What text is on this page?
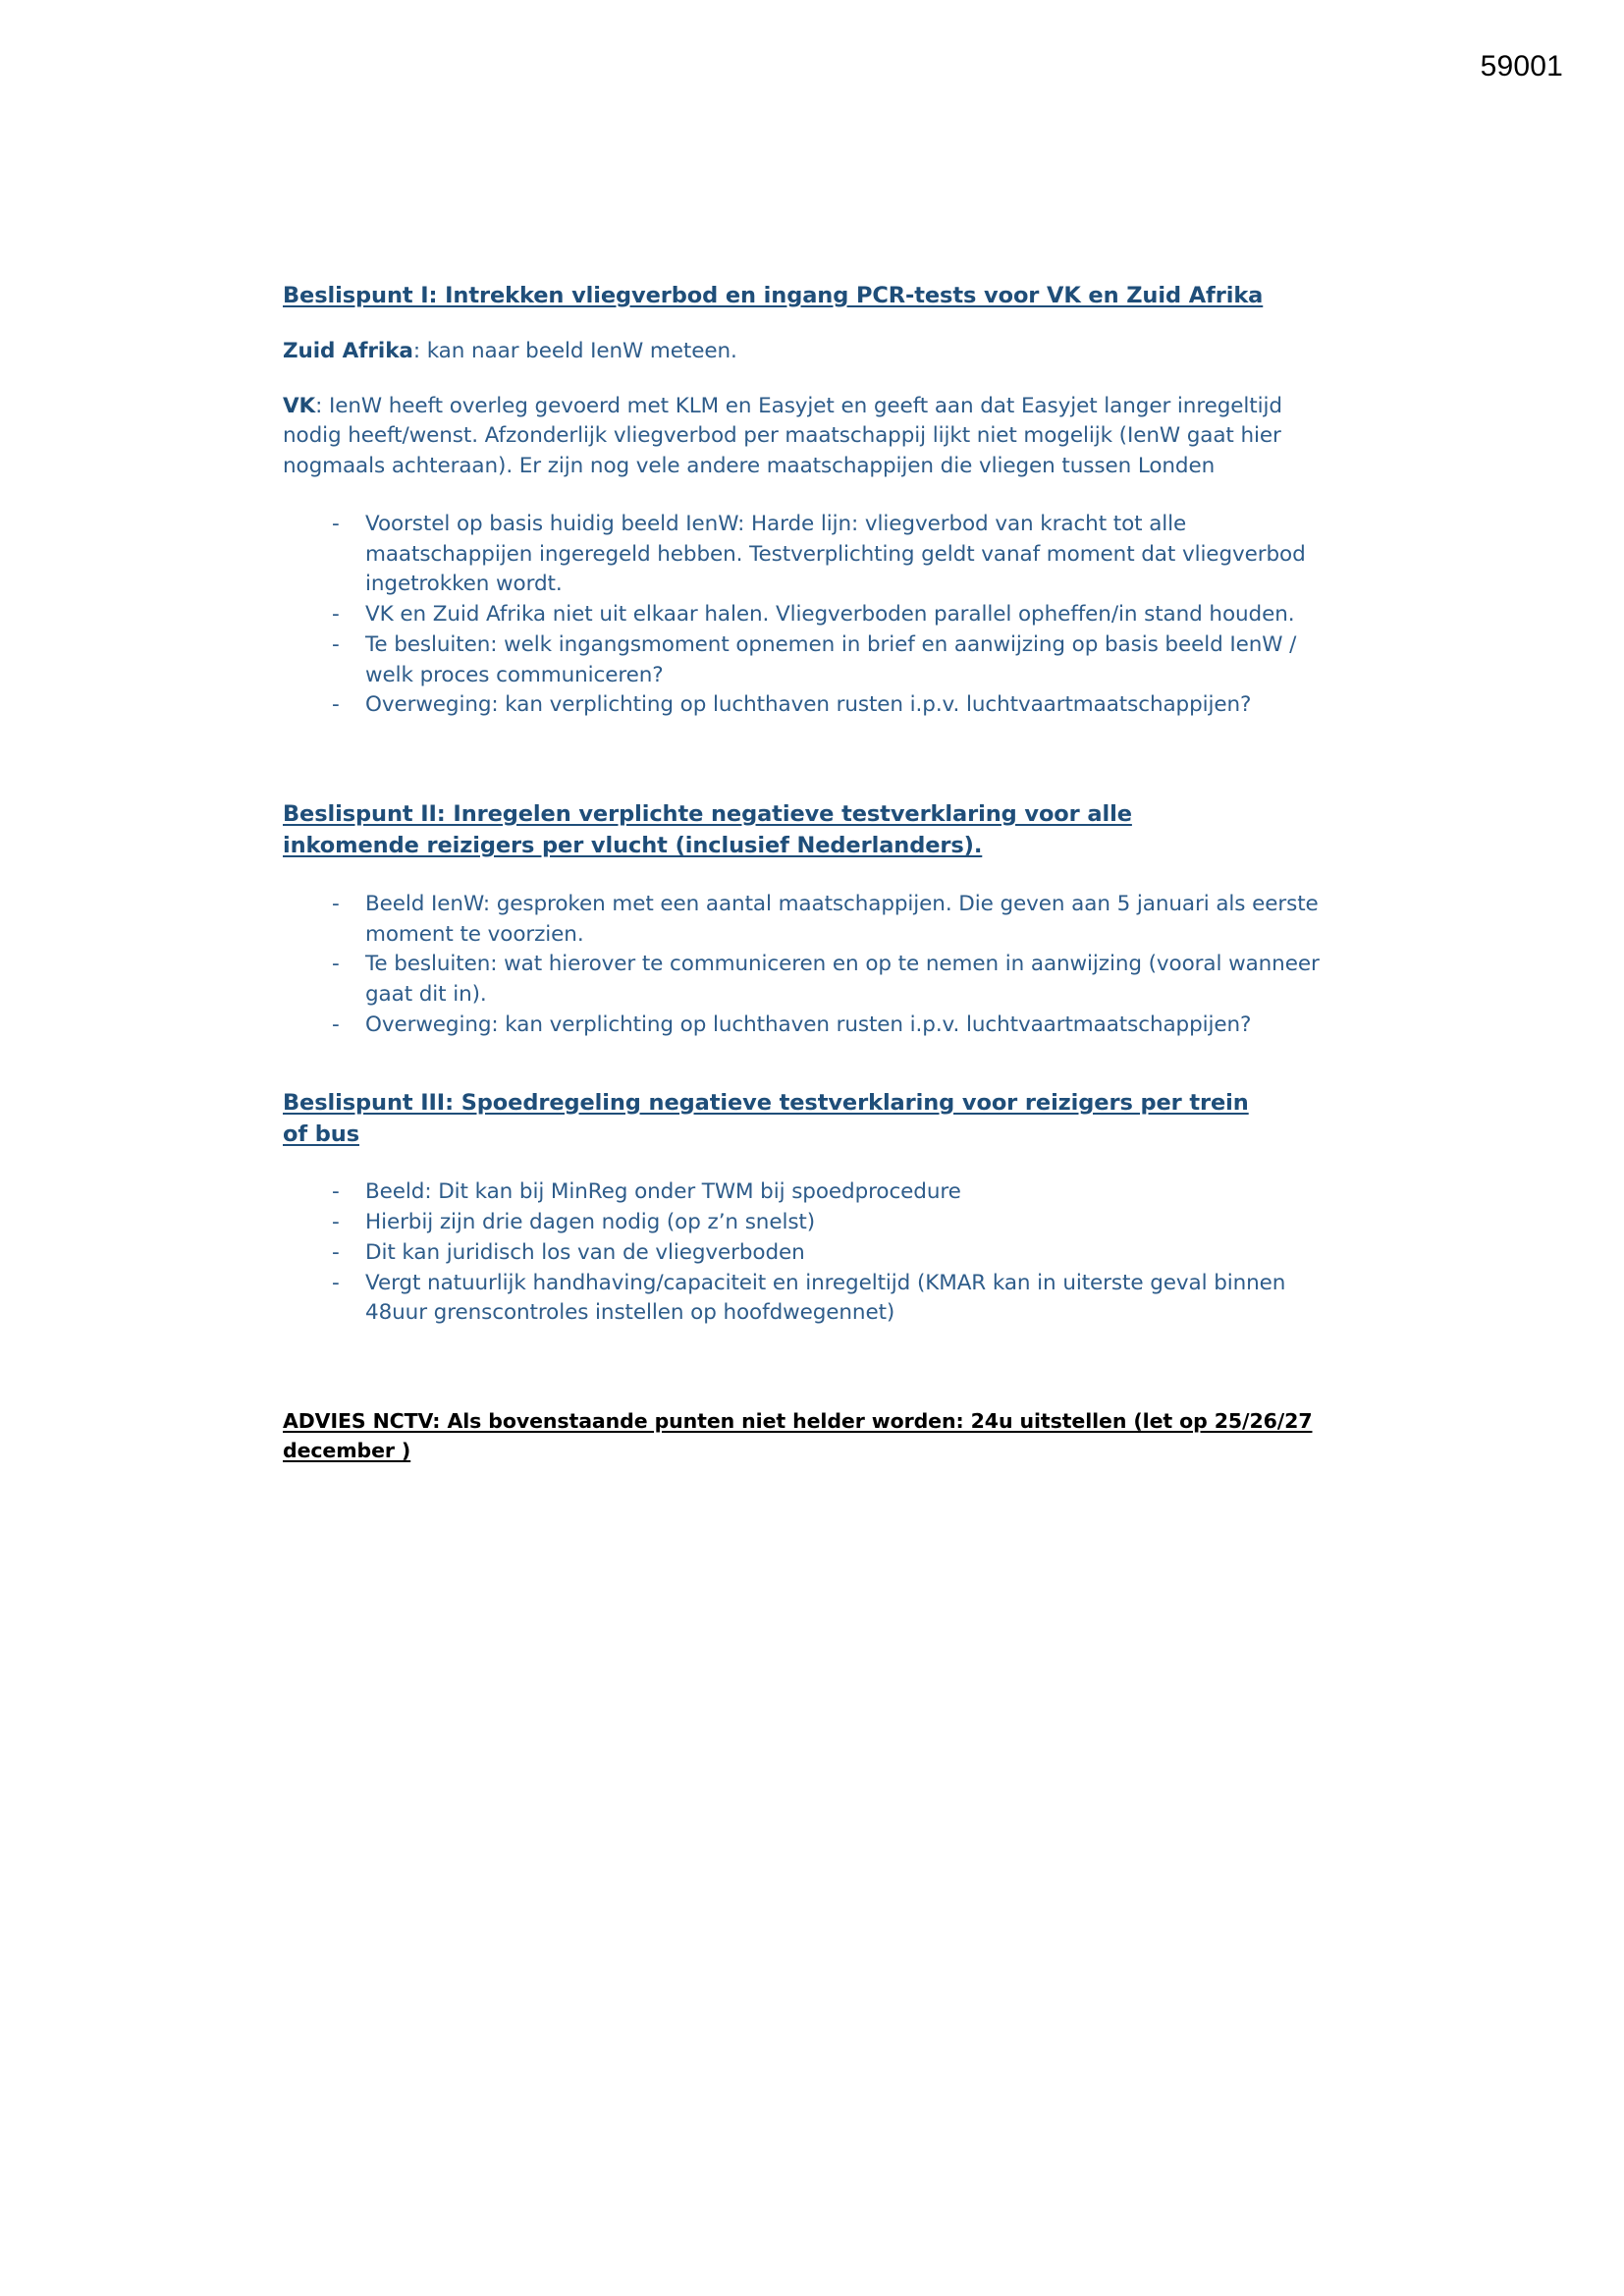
59001
Beslispunt I: Intrekken vliegverbod en ingang PCR-tests voor VK en Zuid Afrika
Zuid Afrika: kan naar beeld IenW meteen.
VK: IenW heeft overleg gevoerd met KLM en Easyjet en geeft aan dat Easyjet langer inregeltijd nodig heeft/wenst. Afzonderlijk vliegverbod per maatschappij lijkt niet mogelijk (IenW gaat hier nogmaals achteraan). Er zijn nog vele andere maatschappijen die vliegen tussen Londen
- Voorstel op basis huidig beeld IenW: Harde lijn: vliegverbod van kracht tot alle maatschappijen ingeregeld hebben. Testverplichting geldt vanaf moment dat vliegverbod ingetrokken wordt.
- VK en Zuid Afrika niet uit elkaar halen. Vliegverboden parallel opheffen/in stand houden.
- Te besluiten: welk ingangsmoment opnemen in brief en aanwijzing op basis beeld IenW / welk proces communiceren?
- Overweging: kan verplichting op luchthaven rusten i.p.v. luchtvaartmaatschappijen?
Beslispunt II: Inregelen verplichte negatieve testverklaring voor alle
inkomende reizigers per vlucht (inclusief Nederlanders).
- Beeld IenW: gesproken met een aantal maatschappijen. Die geven aan 5 januari als eerste moment te voorzien.
- Te besluiten: wat hierover te communiceren en op te nemen in aanwijzing (vooral wanneer gaat dit in).
- Overweging: kan verplichting op luchthaven rusten i.p.v. luchtvaartmaatschappijen?
Beslispunt III: Spoedregeling negatieve testverklaring voor reizigers per trein
of bus
- Beeld: Dit kan bij MinReg onder TWM bij spoedprocedure
- Hierbij zijn drie dagen nodig (op z’n snelst)
- Dit kan juridisch los van de vliegverboden
- Vergt natuurlijk handhaving/capaciteit en inregeltijd (KMAR kan in uiterste geval binnen 48uur grenscontroles instellen op hoofdwegennet)
ADVIES NCTV: Als bovenstaande punten niet helder worden: 24u uitstellen (let op 25/26/27
december )
